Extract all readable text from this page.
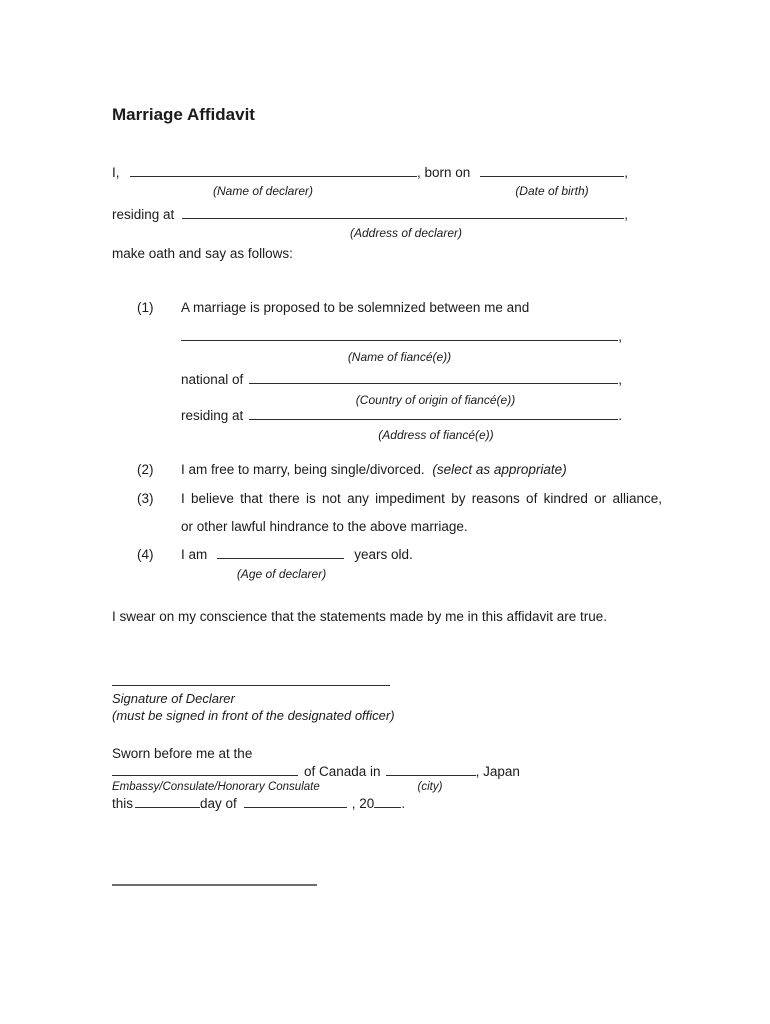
Marriage Affidavit
I,	, born on	,
(Name of declarer)	(Date of birth)
residing at	,
(Address of declarer)
make oath and say as follows:
(1)	A marriage is proposed to be solemnized between me and
,
(Name of fiancé(e))
national of	,
(Country of origin of fiancé(e))
residing at	.
(Address of fiancé(e))
(2)	I am free to marry, being single/divorced. (select as appropriate)
(3)	I believe that there is not any impediment by reasons of kindred or alliance,
or other lawful hindrance to the above marriage.
(4)	I am	years old.
(Age of declarer)
I swear on my conscience that the statements made by me in this affidavit are true.
Signature of Declarer
(must be signed in front of the designated officer)
Sworn before me at the
of Canada in	, Japan
Embassy/Consulate/Honorary Consulate	(city)
this	day of	, 20 .
